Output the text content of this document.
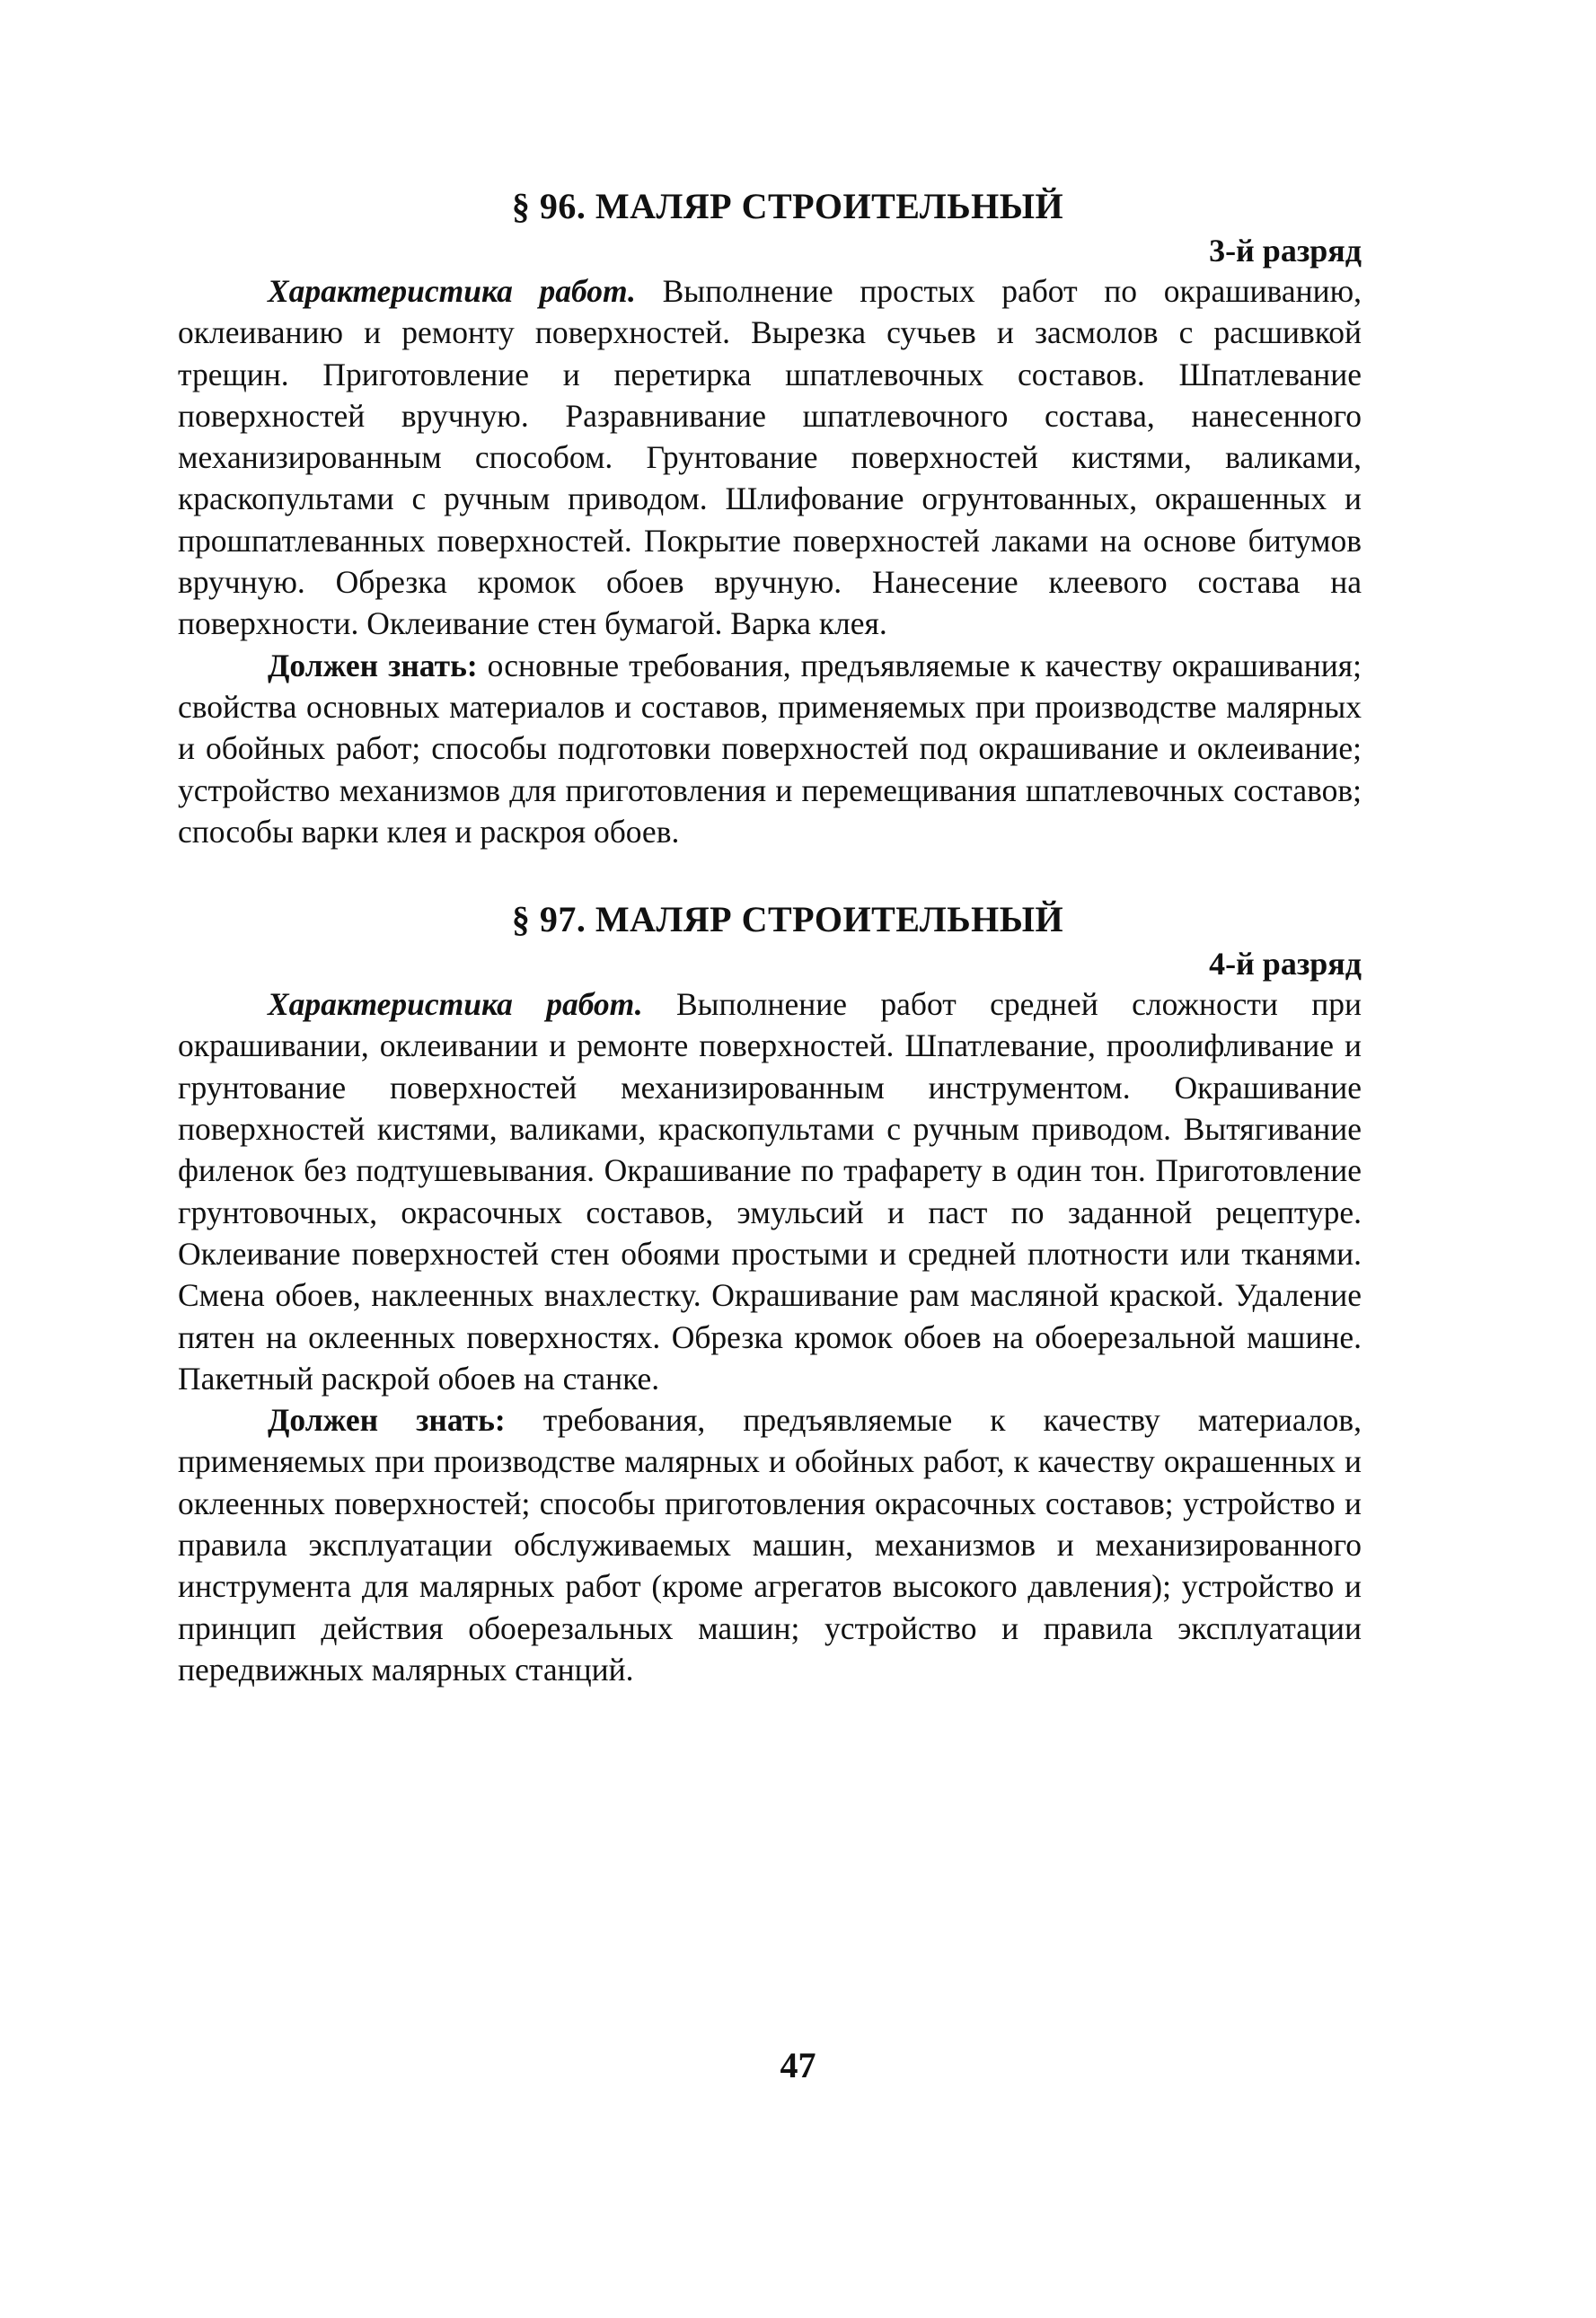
§ 96. МАЛЯР СТРОИТЕЛЬНЫЙ
3-й разряд

Характеристика работ. Выполнение простых работ по окрашиванию, оклеиванию и ремонту поверхностей. Вырезка сучьев и засмолов с расшивкой трещин. Приготовление и перетирка шпатлевочных составов. Шпатлевание поверхностей вручную. Разравнивание шпатлевочного состава, нанесенного механизированным способом. Грунтование поверхностей кистями, валиками, краскопультами с ручным приводом. Шлифование огрунтованных, окрашенных и прошпатлеванных поверхностей. Покрытие поверхностей лаками на основе битумов вручную. Обрезка кромок обоев вручную. Нанесение клеевого состава на поверхности. Оклеивание стен бумагой. Варка клея.

Должен знать: основные требования, предъявляемые к качеству окрашивания; свойства основных материалов и составов, применяемых при производстве малярных и обойных работ; способы подготовки поверхностей под окрашивание и оклеивание; устройство механизмов для приготовления и перемещивания шпатлевочных составов; способы варки клея и раскроя обоев.

§ 97. МАЛЯР СТРОИТЕЛЬНЫЙ
4-й разряд

Характеристика работ. Выполнение работ средней сложности при окрашивании, оклеивании и ремонте поверхностей. Шпатлевание, проолифливание и грунтование поверхностей механизированным инструментом. Окрашивание поверхностей кистями, валиками, краскопультами с ручным приводом. Вытягивание филенок без подтушевывания. Окрашивание по трафарету в один тон. Приготовление грунтовочных, окрасочных составов, эмульсий и паст по заданной рецептуре. Оклеивание поверхностей стен обоями простыми и средней плотности или тканями. Смена обоев, наклеенных внахлестку. Окрашивание рам масляной краской. Удаление пятен на оклеенных поверхностях. Обрезка кромок обоев на обоерезальной машине. Пакетный раскрой обоев на станке.

Должен знать: требования, предъявляемые к качеству материалов, применяемых при производстве малярных и обойных работ, к качеству окрашенных и оклеенных поверхностей; способы приготовления окрасочных составов; устройство и правила эксплуатации обслуживаемых машин, механизмов и механизированного инструмента для малярных работ (кроме агрегатов высокого давления); устройство и принцип действия обоерезальных машин; устройство и правила эксплуатации передвижных малярных станций.

47
